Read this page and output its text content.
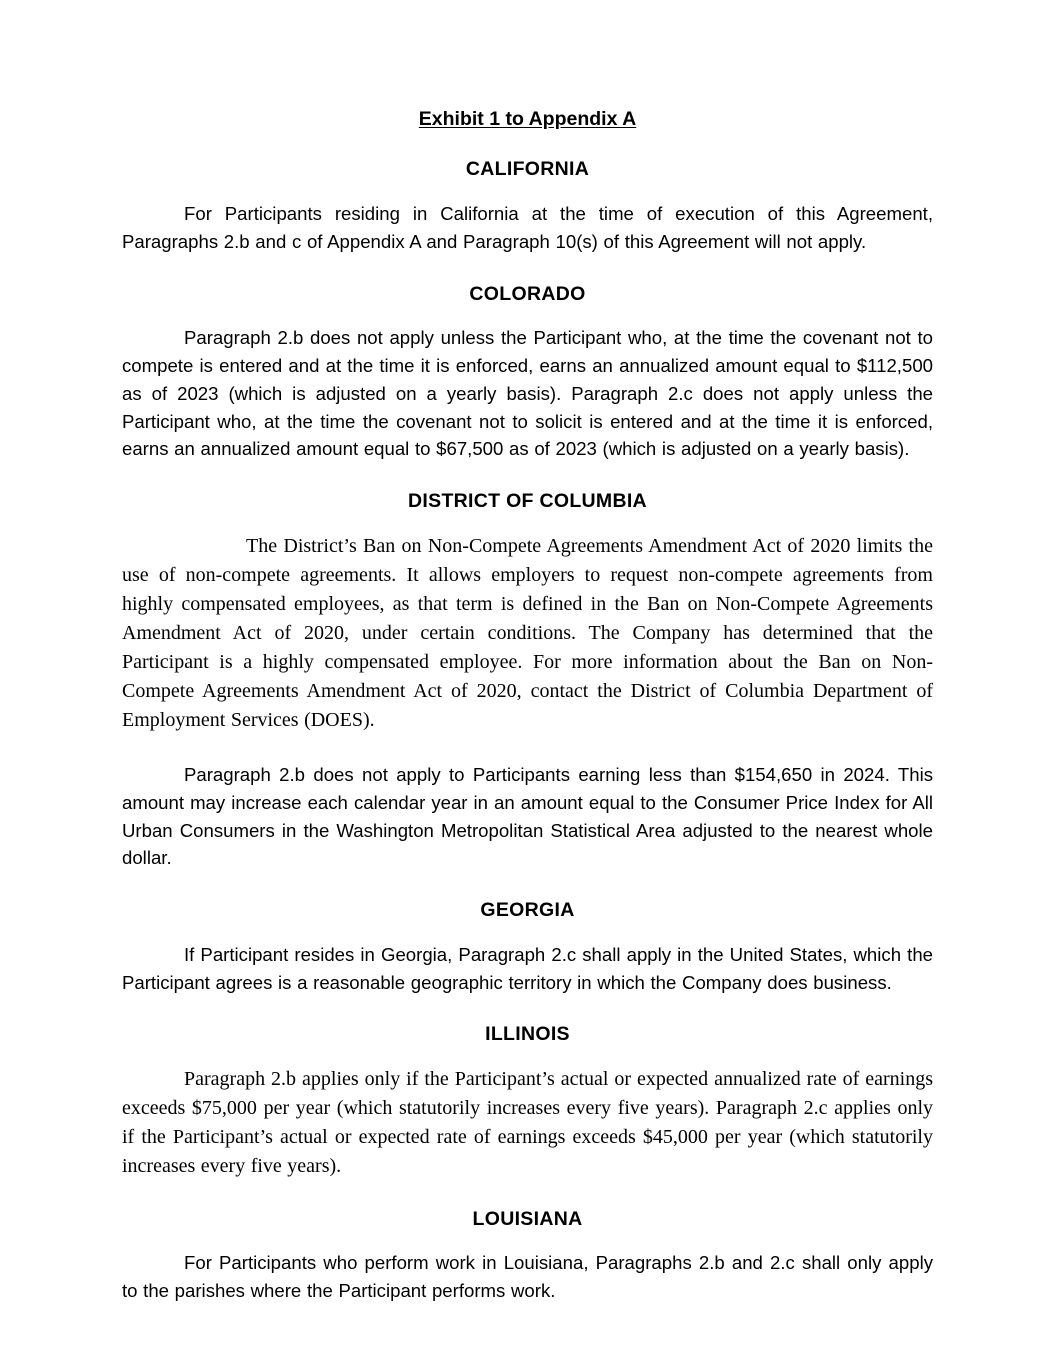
Exhibit 1 to Appendix A
CALIFORNIA

For Participants residing in California at the time of execution of this Agreement, Paragraphs 2.b and c of Appendix A and Paragraph 10(s) of this Agreement will not apply.

COLORADO

Paragraph 2.b does not apply unless the Participant who, at the time the covenant not to compete is entered and at the time it is enforced, earns an annualized amount equal to $112,500 as of 2023 (which is adjusted on a yearly basis). Paragraph 2.c does not apply unless the Participant who, at the time the covenant not to solicit is entered and at the time it is enforced, earns an annualized amount equal to $67,500 as of 2023 (which is adjusted on a yearly basis).

DISTRICT OF COLUMBIA

The District’s Ban on Non-Compete Agreements Amendment Act of 2020 limits the use of non-compete agreements. It allows employers to request non-compete agreements from highly compensated employees, as that term is defined in the Ban on Non-Compete Agreements Amendment Act of 2020, under certain conditions. The Company has determined that the Participant is a highly compensated employee. For more information about the Ban on Non-Compete Agreements Amendment Act of 2020, contact the District of Columbia Department of Employment Services (DOES).

Paragraph 2.b does not apply to Participants earning less than $154,650 in 2024. This amount may increase each calendar year in an amount equal to the Consumer Price Index for All Urban Consumers in the Washington Metropolitan Statistical Area adjusted to the nearest whole dollar.

GEORGIA

If Participant resides in Georgia, Paragraph 2.c shall apply in the United States, which the Participant agrees is a reasonable geographic territory in which the Company does business.

ILLINOIS

Paragraph 2.b applies only if the Participant’s actual or expected annualized rate of earnings exceeds $75,000 per year (which statutorily increases every five years). Paragraph 2.c applies only if the Participant’s actual or expected rate of earnings exceeds $45,000 per year (which statutorily increases every five years).

LOUISIANA

For Participants who perform work in Louisiana, Paragraphs 2.b and 2.c shall only apply to the parishes where the Participant performs work.
